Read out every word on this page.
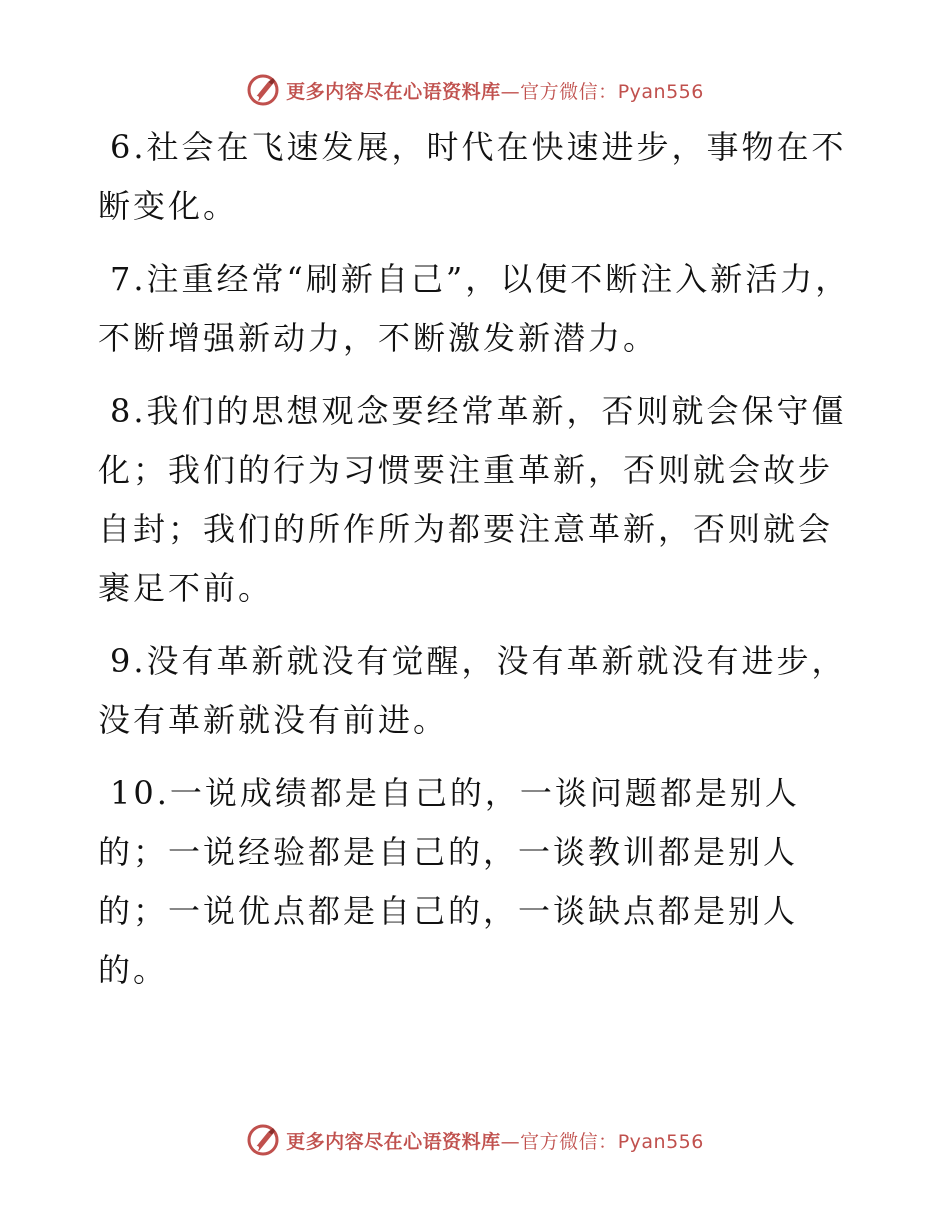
更多内容尽在心语资料库—官方微信：Pyan556

6.社会在飞速发展，时代在快速进步，事物在不断变化。

7.注重经常“刷新自己”，以便不断注入新活力，不断增强新动力，不断激发新潜力。

8.我们的思想观念要经常革新，否则就会保守僵化；我们的行为习惯要注重革新，否则就会故步自封；我们的所作所为都要注意革新，否则就会裹足不前。

9.没有革新就没有觉醒，没有革新就没有进步，没有革新就没有前进。

10.一说成绩都是自己的，一谈问题都是别人的；一说经验都是自己的，一谈教训都是别人的；一说优点都是自己的，一谈缺点都是别人的。

更多内容尽在心语资料库—官方微信：Pyan556
